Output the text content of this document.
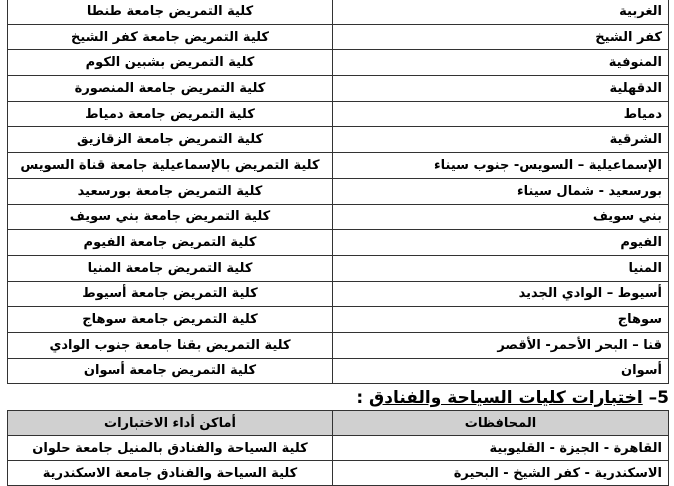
الغربية	كلية التمريض جامعة طنطا
كفر الشيخ	كلية التمريض جامعة كفر الشيخ
المنوفية	كلية التمريض بشبين الكوم
الدقهلية	كلية التمريض جامعة المنصورة
دمياط	كلية التمريض جامعة دمياط
الشرقية	كلية التمريض جامعة الزقازيق
الإسماعيلية – السويس- جنوب سيناء	كلية التمريض بالإسماعيلية جامعة قناة السويس
بورسعيد - شمال سيناء	كلية التمريض جامعة بورسعيد
بني سويف	كلية التمريض جامعة بني سويف
الفيوم	كلية التمريض جامعة الفيوم
المنيا	كلية التمريض جامعة المنيا
أسيوط – الوادي الجديد	كلية التمريض جامعة أسيوط
سوهاج	كلية التمريض جامعة سوهاج
قنا – البحر الأحمر- الأقصر	كلية التمريض بقنا جامعة جنوب الوادي
أسوان	كلية التمريض جامعة أسوان
5– اختبارات كليات السياحة والفنادق :
المحافظات	أماكن أداء الاختبارات
القاهرة - الجيزة - القليوبية	كلية السياحة والفنادق بالمنيل جامعة حلوان
الاسكندرية - كفر الشيخ - البحيرة	كلية السياحة والفنادق جامعة الاسكندرية
